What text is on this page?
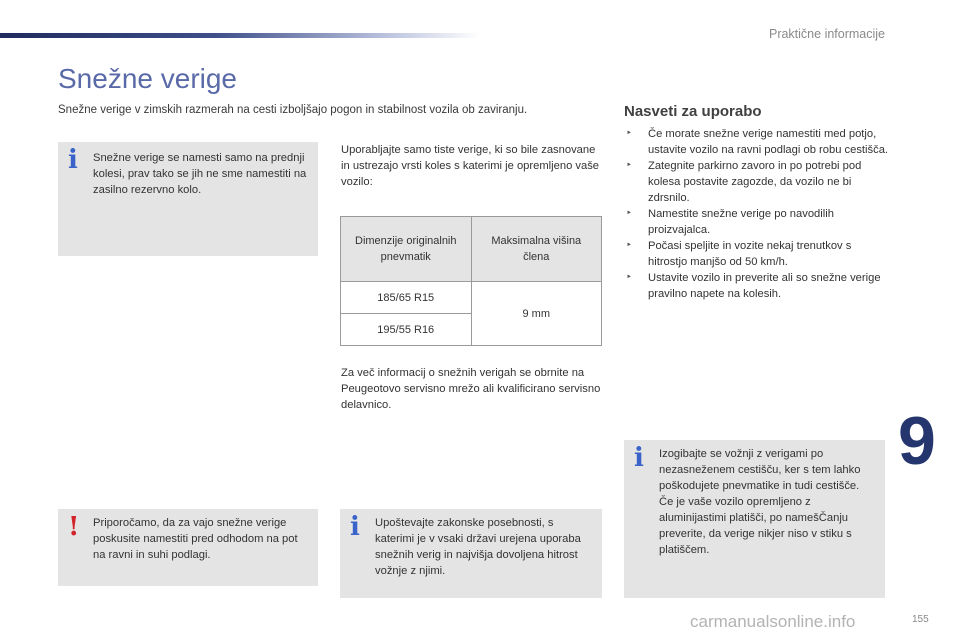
Praktične informacije
Snežne verige
Snežne verige v zimskih razmerah na cesti izboljšajo pogon in stabilnost vozila ob zaviranju.
i Snežne verige se namesti samo na prednji kolesi, prav tako se jih ne sme namestiti na zasilno rezervno kolo.
! Priporočamo, da za vajo snežne verige poskusite namestiti pred odhodom na pot na ravni in suhi podlagi.
Uporabljajte samo tiste verige, ki so bile zasnovane in ustrezajo vrsti koles s katerimi je opremljeno vaše vozilo:
Dimenzije originalnih pnevmatik	Maksimalna višina člena
185/65 R15	9 mm
195/55 R16	
Za več informacij o snežnih verigah se obrnite na Peugeotovo servisno mrežo ali kvalificirano servisno delavnico.
i Upoštevajte zakonske posebnosti, s katerimi je v vsaki državi urejena uporaba snežnih verig in najvišja dovoljena hitrost vožnje z njimi.
Nasveti za uporabo
‣ Če morate snežne verige namestiti med potjo, ustavite vozilo na ravni podlagi ob robu cestišča.
‣ Zategnite parkirno zavoro in po potrebi pod kolesa postavite zagozde, da vozilo ne bi zdrsnilo.
‣ Namestite snežne verige po navodilih proizvajalca.
‣ Počasi speljite in vozite nekaj trenutkov s hitrostjo manjšo od 50 km/h.
‣ Ustavite vozilo in preverite ali so snežne verige pravilno napete na kolesih.
i Izogibajte se vožnji z verigami po nezasneženem cestišču, ker s tem lahko poškodujete pnevmatike in tudi cestišče. Če je vaše vozilo opremljeno z aluminijastimi platišči, po namešČanju preverite, da verige nikjer niso v stiku s platiščem.
9
carmanualsonline.info	155
